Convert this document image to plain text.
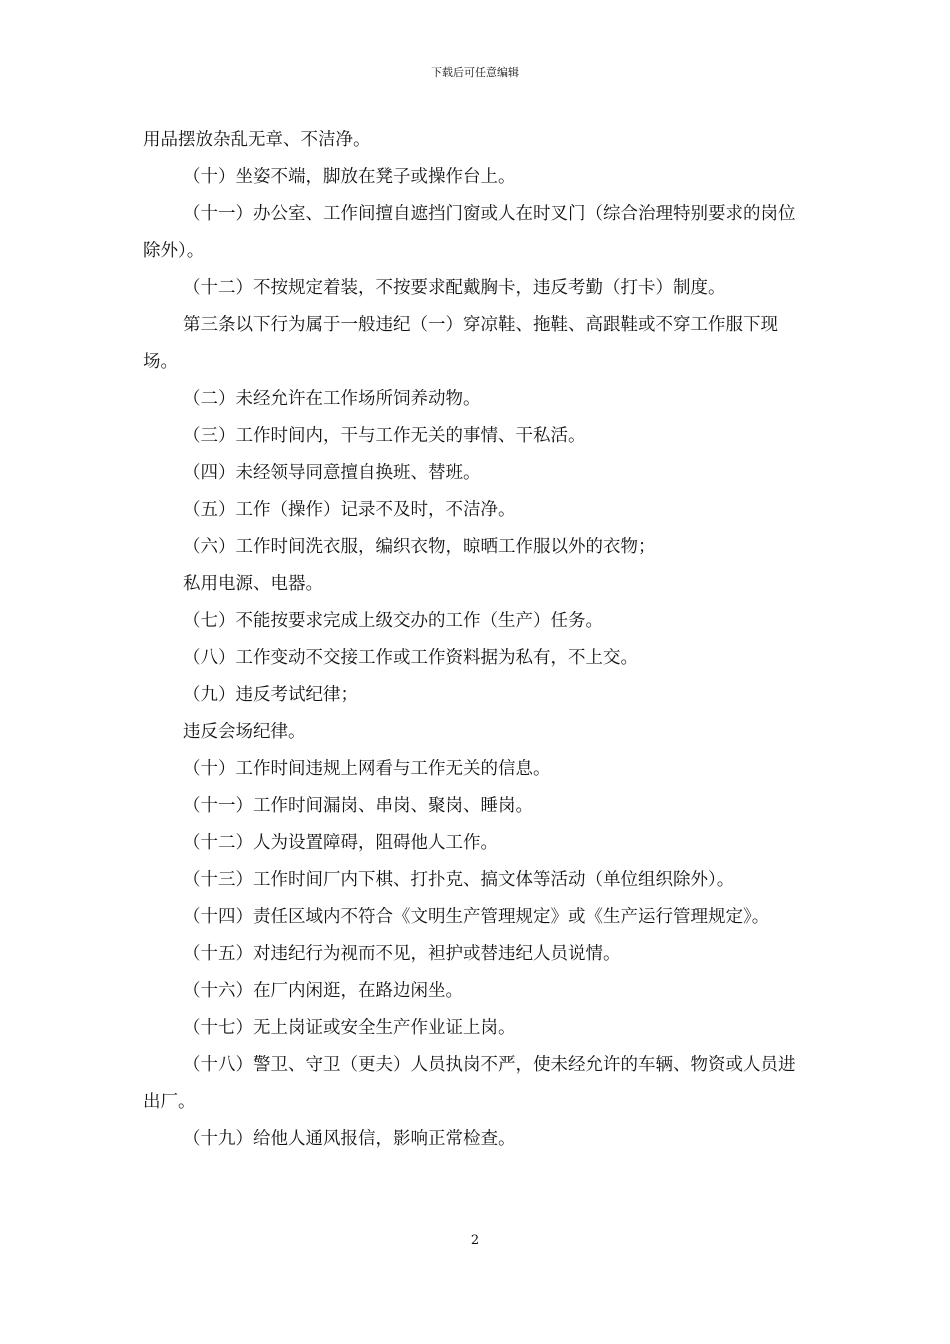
下载后可任意编辑

用品摆放杂乱无章、不洁净。

（十）坐姿不端，脚放在凳子或操作台上。

（十一）办公室、工作间擅自遮挡门窗或人在时叉门（综合治理特别要求的岗位除外）。

（十二）不按规定着装，不按要求配戴胸卡，违反考勤（打卡）制度。

第三条以下行为属于一般违纪（一）穿凉鞋、拖鞋、高跟鞋或不穿工作服下现场。

（二）未经允许在工作场所饲养动物。

（三）工作时间内，干与工作无关的事情、干私活。

（四）未经领导同意擅自换班、替班。

（五）工作（操作）记录不及时，不洁净。

（六）工作时间洗衣服，编织衣物，晾晒工作服以外的衣物；

私用电源、电器。

（七）不能按要求完成上级交办的工作（生产）任务。

（八）工作变动不交接工作或工作资料据为私有，不上交。

（九）违反考试纪律；

违反会场纪律。

（十）工作时间违规上网看与工作无关的信息。

（十一）工作时间漏岗、串岗、聚岗、睡岗。

（十二）人为设置障碍，阻碍他人工作。

（十三）工作时间厂内下棋、打扑克、搞文体等活动（单位组织除外）。

（十四）责任区域内不符合《文明生产管理规定》或《生产运行管理规定》。

（十五）对违纪行为视而不见，袒护或替违纪人员说情。

（十六）在厂内闲逛，在路边闲坐。

（十七）无上岗证或安全生产作业证上岗。

（十八）警卫、守卫（更夫）人员执岗不严，使未经允许的车辆、物资或人员进出厂。

（十九）给他人通风报信，影响正常检查。

2
